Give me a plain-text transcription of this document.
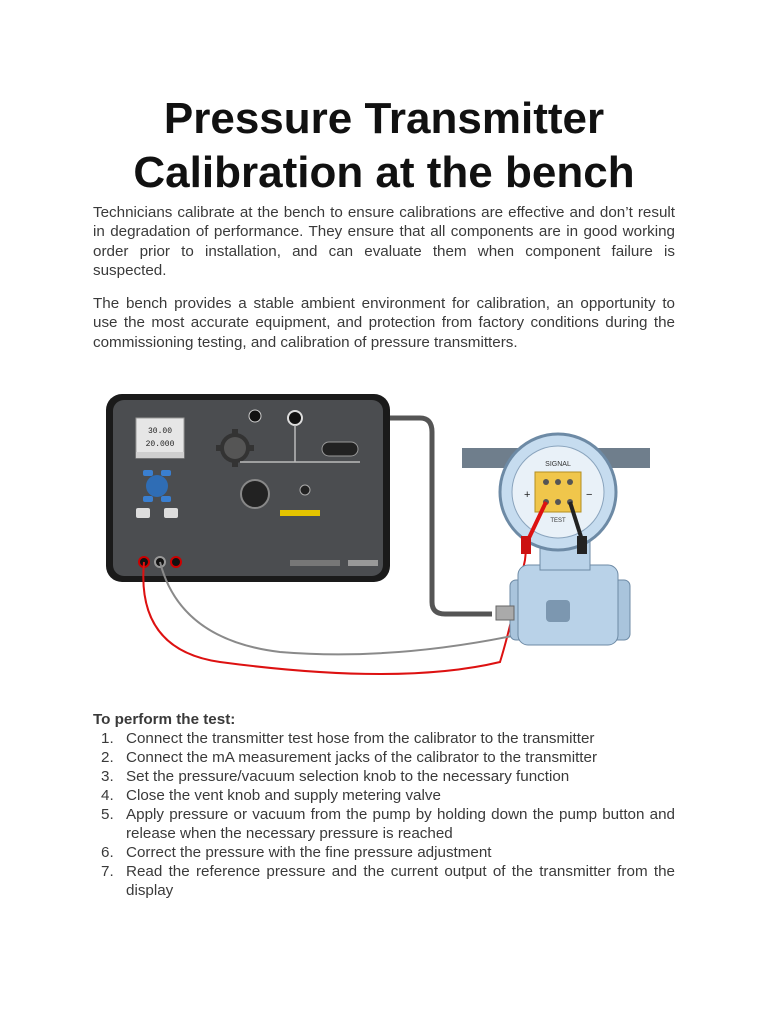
Pressure Transmitter
Calibration at the bench

Technicians calibrate at the bench to ensure calibrations are effective and don’t result in degradation of performance. They ensure that all components are in good working order prior to installation, and can evaluate them when component failure is suspected.

The bench provides a stable ambient environment for calibration, an opportunity to use the most accurate equipment, and protection from factory conditions during the commissioning testing, and calibration of pressure transmitters.

30.00
20.000
SIGNAL
+	−
TEST

To perform the test:

1. Connect the transmitter test hose from the calibrator to the transmitter
2. Connect the mA measurement jacks of the calibrator to the transmitter
3. Set the pressure/vacuum selection knob to the necessary function
4. Close the vent knob and supply metering valve
5. Apply pressure or vacuum from the pump by holding down the pump button and release when the necessary pressure is reached
6. Correct the pressure with the fine pressure adjustment
7. Read the reference pressure and the current output of the transmitter from the display
